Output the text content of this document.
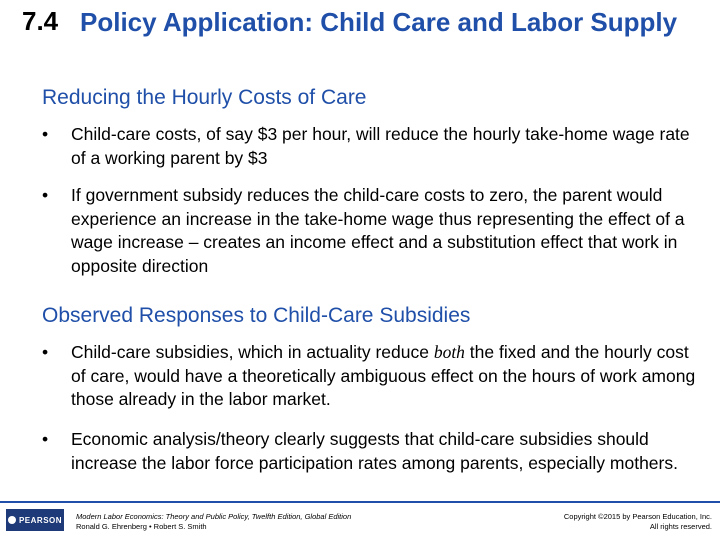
7.4 Policy Application: Child Care and Labor Supply
Reducing the Hourly Costs of Care
• Child-care costs, of say $3 per hour, will reduce the hourly take-home wage rate of a working parent by $3
• If government subsidy reduces the child-care costs to zero, the parent would experience an increase in the take-home wage thus representing the effect of a wage increase – creates an income effect and a substitution effect that work in opposite direction
Observed Responses to Child-Care Subsidies
• Child-care subsidies, which in actuality reduce both the fixed and the hourly cost of care, would have a theoretically ambiguous effect on the hours of work among those already in the labor market.
• Economic analysis/theory clearly suggests that child-care subsidies should increase the labor force participation rates among parents, especially mothers.
PEARSON Modern Labor Economics: Theory and Public Policy, Twelfth Edition, Global Edition
Ronald G. Ehrenberg • Robert S. Smith
Copyright ©2015 by Pearson Education, Inc.
All rights reserved.
